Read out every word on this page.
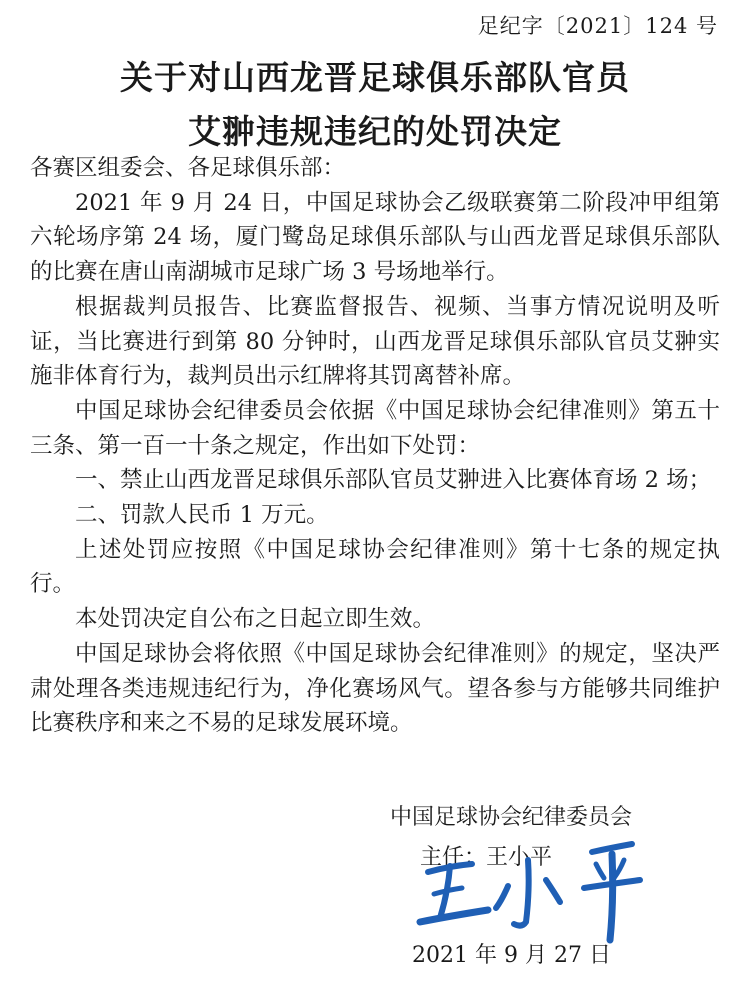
足纪字〔2021〕124 号
关于对山西龙晋足球俱乐部队官员
艾翀违规违纪的处罚决定

各赛区组委会、各足球俱乐部：

2021 年 9 月 24 日，中国足球协会乙级联赛第二阶段冲甲组第六轮场序第 24 场，厦门鹭岛足球俱乐部队与山西龙晋足球俱乐部队的比赛在唐山南湖城市足球广场 3 号场地举行。

根据裁判员报告、比赛监督报告、视频、当事方情况说明及听证，当比赛进行到第 80 分钟时，山西龙晋足球俱乐部队官员艾翀实施非体育行为，裁判员出示红牌将其罚离替补席。

中国足球协会纪律委员会依据《中国足球协会纪律准则》第五十三条、第一百一十条之规定，作出如下处罚：

一、禁止山西龙晋足球俱乐部队官员艾翀进入比赛体育场 2 场；

二、罚款人民币 1 万元。

上述处罚应按照《中国足球协会纪律准则》第十七条的规定执行。

本处罚决定自公布之日起立即生效。

中国足球协会将依照《中国足球协会纪律准则》的规定，坚决严肃处理各类违规违纪行为，净化赛场风气。望各参与方能够共同维护比赛秩序和来之不易的足球发展环境。

中国足球协会纪律委员会
主任：王小平
2021 年 9 月 27 日
